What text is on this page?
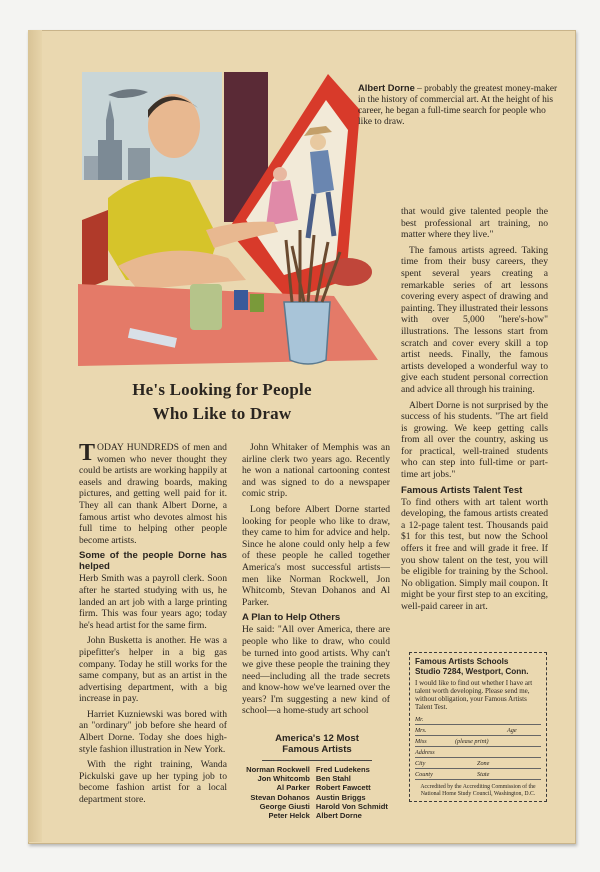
Albert Dorne – probably the greatest money-maker in the history of commercial art. At the height of his career, he began a full-time search for people who like to draw.
He's Looking for People
Who Like to Draw

TODAY HUNDREDS of men and women who never thought they could be artists are working happily at easels and drawing boards, making pictures, and getting well paid for it. They all can thank Albert Dorne, a famous artist who devotes almost his full time to helping other people become artists.

Some of the people Dorne has helped

Herb Smith was a payroll clerk. Soon after he started studying with us, he landed an art job with a large printing firm. This was four years ago; today he's head artist for the same firm.

John Busketta is another. He was a pipefitter's helper in a big gas company. Today he still works for the same company, but as an artist in the advertising department, with a big increase in pay.

Harriet Kuzniewski was bored with an "ordinary" job before she heard of Albert Dorne. Today she does high-style fashion illustration in New York.

With the right training, Wanda Pickulski gave up her typing job to become fashion artist for a local department store.

John Whitaker of Memphis was an airline clerk two years ago. Recently he won a national cartooning contest and was signed to do a newspaper comic strip.

Long before Albert Dorne started looking for people who like to draw, they came to him for advice and help. Since he alone could only help a few of these people he called together America's most successful artists—men like Norman Rockwell, Jon Whitcomb, Stevan Dohanos and Al Parker.

A Plan to Help Others

He said: "All over America, there are people who like to draw, who could be turned into good artists. Why can't we give these people the training they need—including all the trade secrets and know-how we've learned over the years? I'm suggesting a new kind of school—a home-study art school

that would give talented people the best professional art training, no matter where they live."

The famous artists agreed. Taking time from their busy careers, they spent several years creating a remarkable series of art lessons covering every aspect of drawing and painting. They illustrated their lessons with over 5,000 "here's-how" illustrations. The lessons start from scratch and cover every skill a top artist needs. Finally, the famous artists developed a wonderful way to give each student personal correction and advice all through his training.

Albert Dorne is not surprised by the success of his students. "The art field is growing. We keep getting calls from all over the country, asking us for practical, well-trained students who can step into full-time or part-time art jobs."

Famous Artists Talent Test

To find others with art talent worth developing, the famous artists created a 12-page talent test. Thousands paid $1 for this test, but now the School offers it free and will grade it free. If you show talent on the test, you will be eligible for training by the School. No obligation. Simply mail coupon. It might be your first step to an exciting, well-paid career in art.

America's 12 Most
Famous Artists
Norman Rockwell	Fred Ludekens
Jon Whitcomb	Ben Stahl
Al Parker	Robert Fawcett
Stevan Dohanos	Austin Briggs
George Giusti	Harold Von Schmidt
Peter Helck	Albert Dorne
Famous Artists Schools
Studio 7284, Westport, Conn.
I would like to find out whether I have art talent worth developing. Please send me, without obligation, your Famous Artists Talent Test.
Mr.
Mrs.	Age
Miss	(please print)
Address
City	Zone
County	State
Accredited by the Accrediting Commission of the National Home Study Council, Washington, D.C.
